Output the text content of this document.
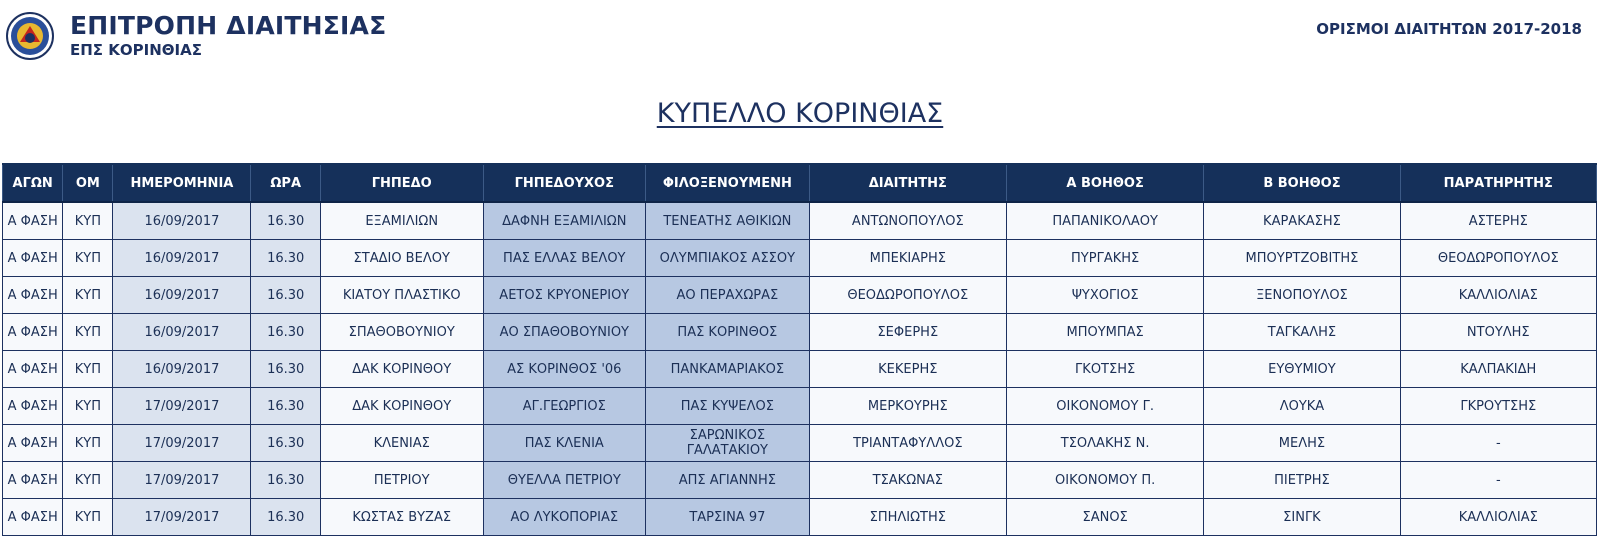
ΕΠΙΤΡΟΠΗ ΔΙΑΙΤΗΣΙΑΣ
ΕΠΣ ΚΟΡΙΝΘΙΑΣ
ΟΡΙΣΜΟΙ ΔΙΑΙΤΗΤΩΝ 2017-2018
ΚΥΠΕΛΛΟ ΚΟΡΙΝΘΙΑΣ
ΑΓΩΝ	ΟΜ	ΗΜΕΡΟΜΗΝΙΑ	ΩΡΑ	ΓΗΠΕΔΟ	ΓΗΠΕΔΟΥΧΟΣ	ΦΙΛΟΞΕΝΟΥΜΕΝΗ	ΔΙΑΙΤΗΤΗΣ	Α ΒΟΗΘΟΣ	Β ΒΟΗΘΟΣ	ΠΑΡΑΤΗΡΗΤΗΣ
Α ΦΑΣΗ	ΚΥΠ	16/09/2017	16.30	ΕΞΑΜΙΛΙΩΝ	ΔΑΦΝΗ ΕΞΑΜΙΛΙΩΝ	ΤΕΝΕΑΤΗΣ ΑΘΙΚΙΩΝ	ΑΝΤΩΝΟΠΟΥΛΟΣ	ΠΑΠΑΝΙΚΟΛΑΟΥ	ΚΑΡΑΚΑΣΗΣ	ΑΣΤΕΡΗΣ
Α ΦΑΣΗ	ΚΥΠ	16/09/2017	16.30	ΣΤΑΔΙΟ ΒΕΛΟΥ	ΠΑΣ ΕΛΛΑΣ ΒΕΛΟΥ	ΟΛΥΜΠΙΑΚΟΣ ΑΣΣΟΥ	ΜΠΕΚΙΑΡΗΣ	ΠΥΡΓΑΚΗΣ	ΜΠΟΥΡΤΖΟΒΙΤΗΣ	ΘΕΟΔΩΡΟΠΟΥΛΟΣ
Α ΦΑΣΗ	ΚΥΠ	16/09/2017	16.30	ΚΙΑΤΟΥ ΠΛΑΣΤΙΚΟ	ΑΕΤΟΣ ΚΡΥΟΝΕΡΙΟΥ	ΑΟ ΠΕΡΑΧΩΡΑΣ	ΘΕΟΔΩΡΟΠΟΥΛΟΣ	ΨΥΧΟΓΙΟΣ	ΞΕΝΟΠΟΥΛΟΣ	ΚΑΛΛΙΟΛΙΑΣ
Α ΦΑΣΗ	ΚΥΠ	16/09/2017	16.30	ΣΠΑΘΟΒΟΥΝΙΟΥ	ΑΟ ΣΠΑΘΟΒΟΥΝΙΟΥ	ΠΑΣ ΚΟΡΙΝΘΟΣ	ΣΕΦΕΡΗΣ	ΜΠΟΥΜΠΑΣ	ΤΑΓΚΑΛΗΣ	ΝΤΟΥΛΗΣ
Α ΦΑΣΗ	ΚΥΠ	16/09/2017	16.30	ΔΑΚ ΚΟΡΙΝΘΟΥ	ΑΣ ΚΟΡΙΝΘΟΣ '06	ΠΑΝΚΑΜΑΡΙΑΚΟΣ	ΚΕΚΕΡΗΣ	ΓΚΟΤΣΗΣ	ΕΥΘΥΜΙΟΥ	ΚΑΛΠΑΚΙΔΗ
Α ΦΑΣΗ	ΚΥΠ	17/09/2017	16.30	ΔΑΚ ΚΟΡΙΝΘΟΥ	ΑΓ.ΓΕΩΡΓΙΟΣ	ΠΑΣ ΚΥΨΕΛΟΣ	ΜΕΡΚΟΥΡΗΣ	ΟΙΚΟΝΟΜΟΥ Γ.	ΛΟΥΚΑ	ΓΚΡΟΥΤΣΗΣ
Α ΦΑΣΗ	ΚΥΠ	17/09/2017	16.30	ΚΛΕΝΙΑΣ	ΠΑΣ ΚΛΕΝΙΑ	ΣΑΡΩΝΙΚΟΣ ΓΑΛΑΤΑΚΙΟΥ	ΤΡΙΑΝΤΑΦΥΛΛΟΣ	ΤΣΟΛΑΚΗΣ Ν.	ΜΕΛΗΣ	-
Α ΦΑΣΗ	ΚΥΠ	17/09/2017	16.30	ΠΕΤΡΙΟΥ	ΘΥΕΛΛΑ ΠΕΤΡΙΟΥ	ΑΠΣ ΑΓΙΑΝΝΗΣ	ΤΣΑΚΩΝΑΣ	ΟΙΚΟΝΟΜΟΥ Π.	ΠΙΕΤΡΗΣ	-
Α ΦΑΣΗ	ΚΥΠ	17/09/2017	16.30	ΚΩΣΤΑΣ ΒΥΖΑΣ	ΑΟ ΛΥΚΟΠΟΡΙΑΣ	ΤΑΡΣΙΝΑ 97	ΣΠΗΛΙΩΤΗΣ	ΣΑΝΟΣ	ΣΙΝΓΚ	ΚΑΛΛΙΟΛΙΑΣ
